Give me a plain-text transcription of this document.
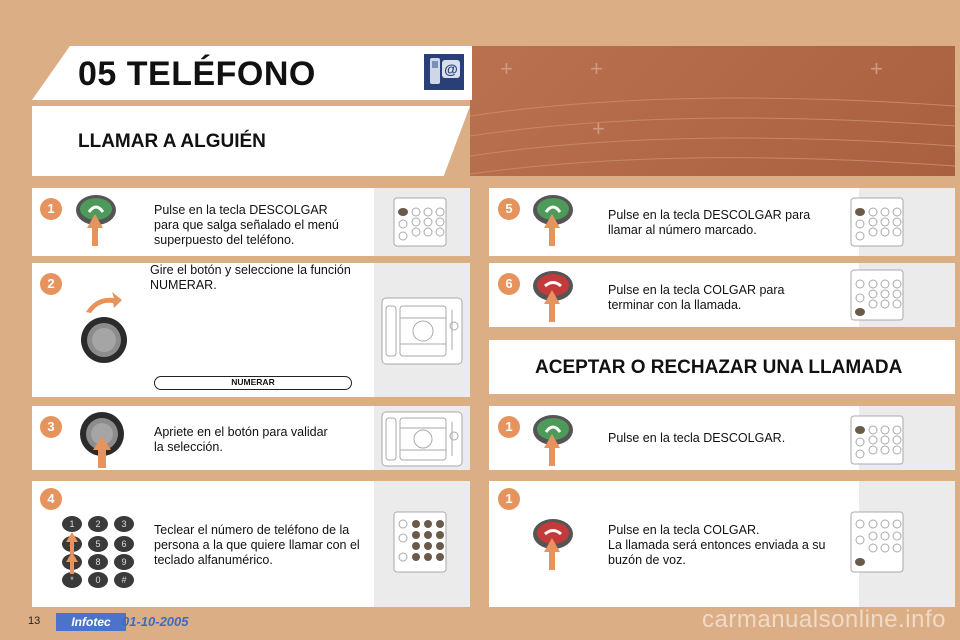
+	+	+
+
05 TELÉFONO	@
LLAMAR A ALGUIÉN
ACEPTAR O RECHAZAR UNA LLAMADA
1
2
3
4
5
6
1
1
Pulse en la tecla DESCOLGAR
para que salga señalado el menú
superpuesto del teléfono.
Gire el botón y seleccione la función
NUMERAR.
NUMERAR
Apriete en el botón para validar
la selección.
Teclear el número de teléfono de la
persona a la que quiere llamar con el
teclado alfanumérico.
Pulse en la tecla DESCOLGAR para
llamar al número marcado.
Pulse en la tecla COLGAR para
terminar con la llamada.
Pulse en la tecla DESCOLGAR.
Pulse en la tecla COLGAR.
La llamada será entonces enviada a su
buzón de voz.
1 2 3
5 6
8 9
* 0 #
13	Infotec 01-10-2005	carmanualsonline.info
